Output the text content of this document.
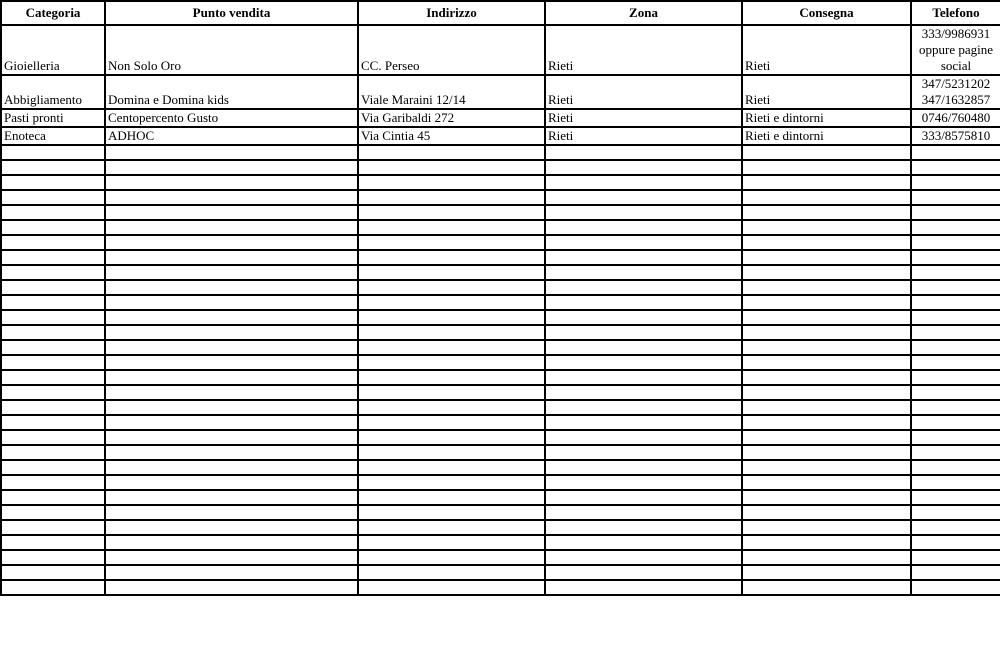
Categoria	Punto vendita	Indirizzo	Zona	Consegna	Telefono
Gioielleria	Non Solo Oro	CC. Perseo	Rieti	Rieti	333/9986931
oppure pagine
social
Abbigliamento	Domina e Domina kids	Viale Maraini 12/14	Rieti	Rieti	347/5231202
347/1632857
Pasti pronti	Centopercento Gusto	Via Garibaldi 272	Rieti	Rieti e dintorni	0746/760480
Enoteca	ADHOC	Via Cintia 45	Rieti	Rieti e dintorni	333/8575810
